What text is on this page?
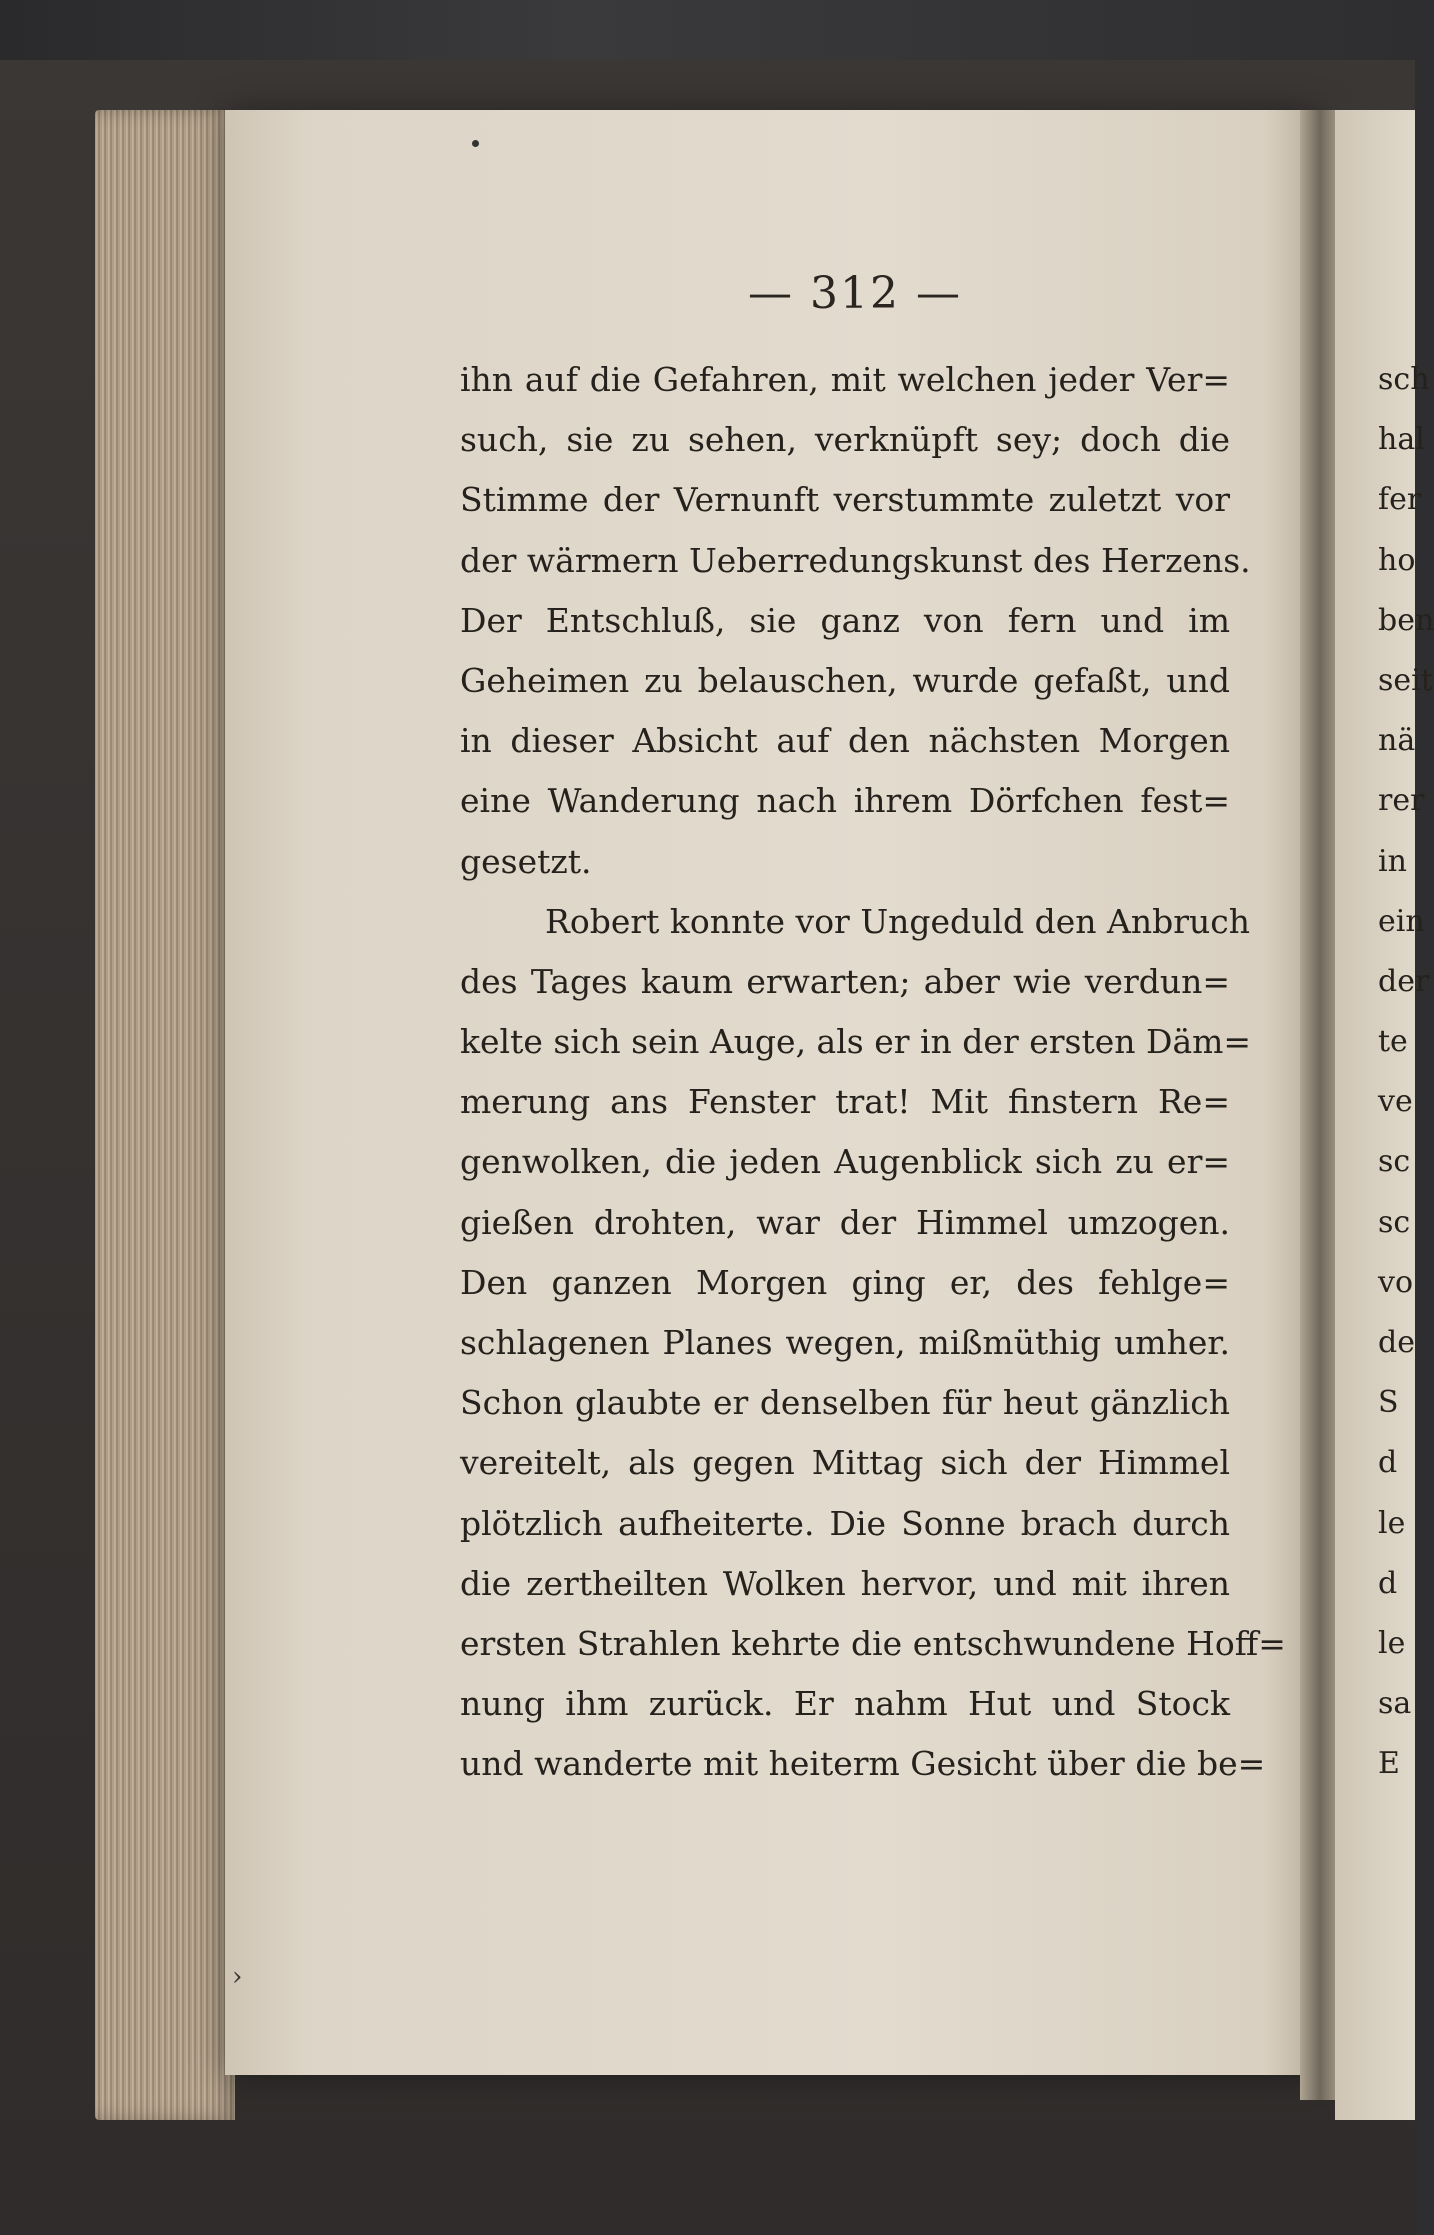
›
— 312 —
ihn auf die Gefahren, mit welchen jeder Ver=
such, sie zu sehen, verknüpft sey; doch die
Stimme der Vernunft verstummte zuletzt vor
der wärmern Ueberredungskunst des Herzens.
Der Entschluß, sie ganz von fern und im
Geheimen zu belauschen, wurde gefaßt, und
in dieser Absicht auf den nächsten Morgen
eine Wanderung nach ihrem Dörfchen fest=
gesetzt.
Robert konnte vor Ungeduld den Anbruch
des Tages kaum erwarten; aber wie verdun=
kelte sich sein Auge, als er in der ersten Däm=
merung ans Fenster trat! Mit finstern Re=
genwolken, die jeden Augenblick sich zu er=
gießen drohten, war der Himmel umzogen.
Den ganzen Morgen ging er, des fehlge=
schlagenen Planes wegen, mißmüthig umher.
Schon glaubte er denselben für heut gänzlich
vereitelt, als gegen Mittag sich der Himmel
plötzlich aufheiterte. Die Sonne brach durch
die zertheilten Wolken hervor, und mit ihren
ersten Strahlen kehrte die entschwundene Hoff=
nung ihm zurück. Er nahm Hut und Stock
und wanderte mit heiterm Gesicht über die be=
sch
hal
fer
ho
ben
seit
nä
rer
in
ein
der
te
ve
sc
sc
vo
de
S
d
le
d
le
sa
E
